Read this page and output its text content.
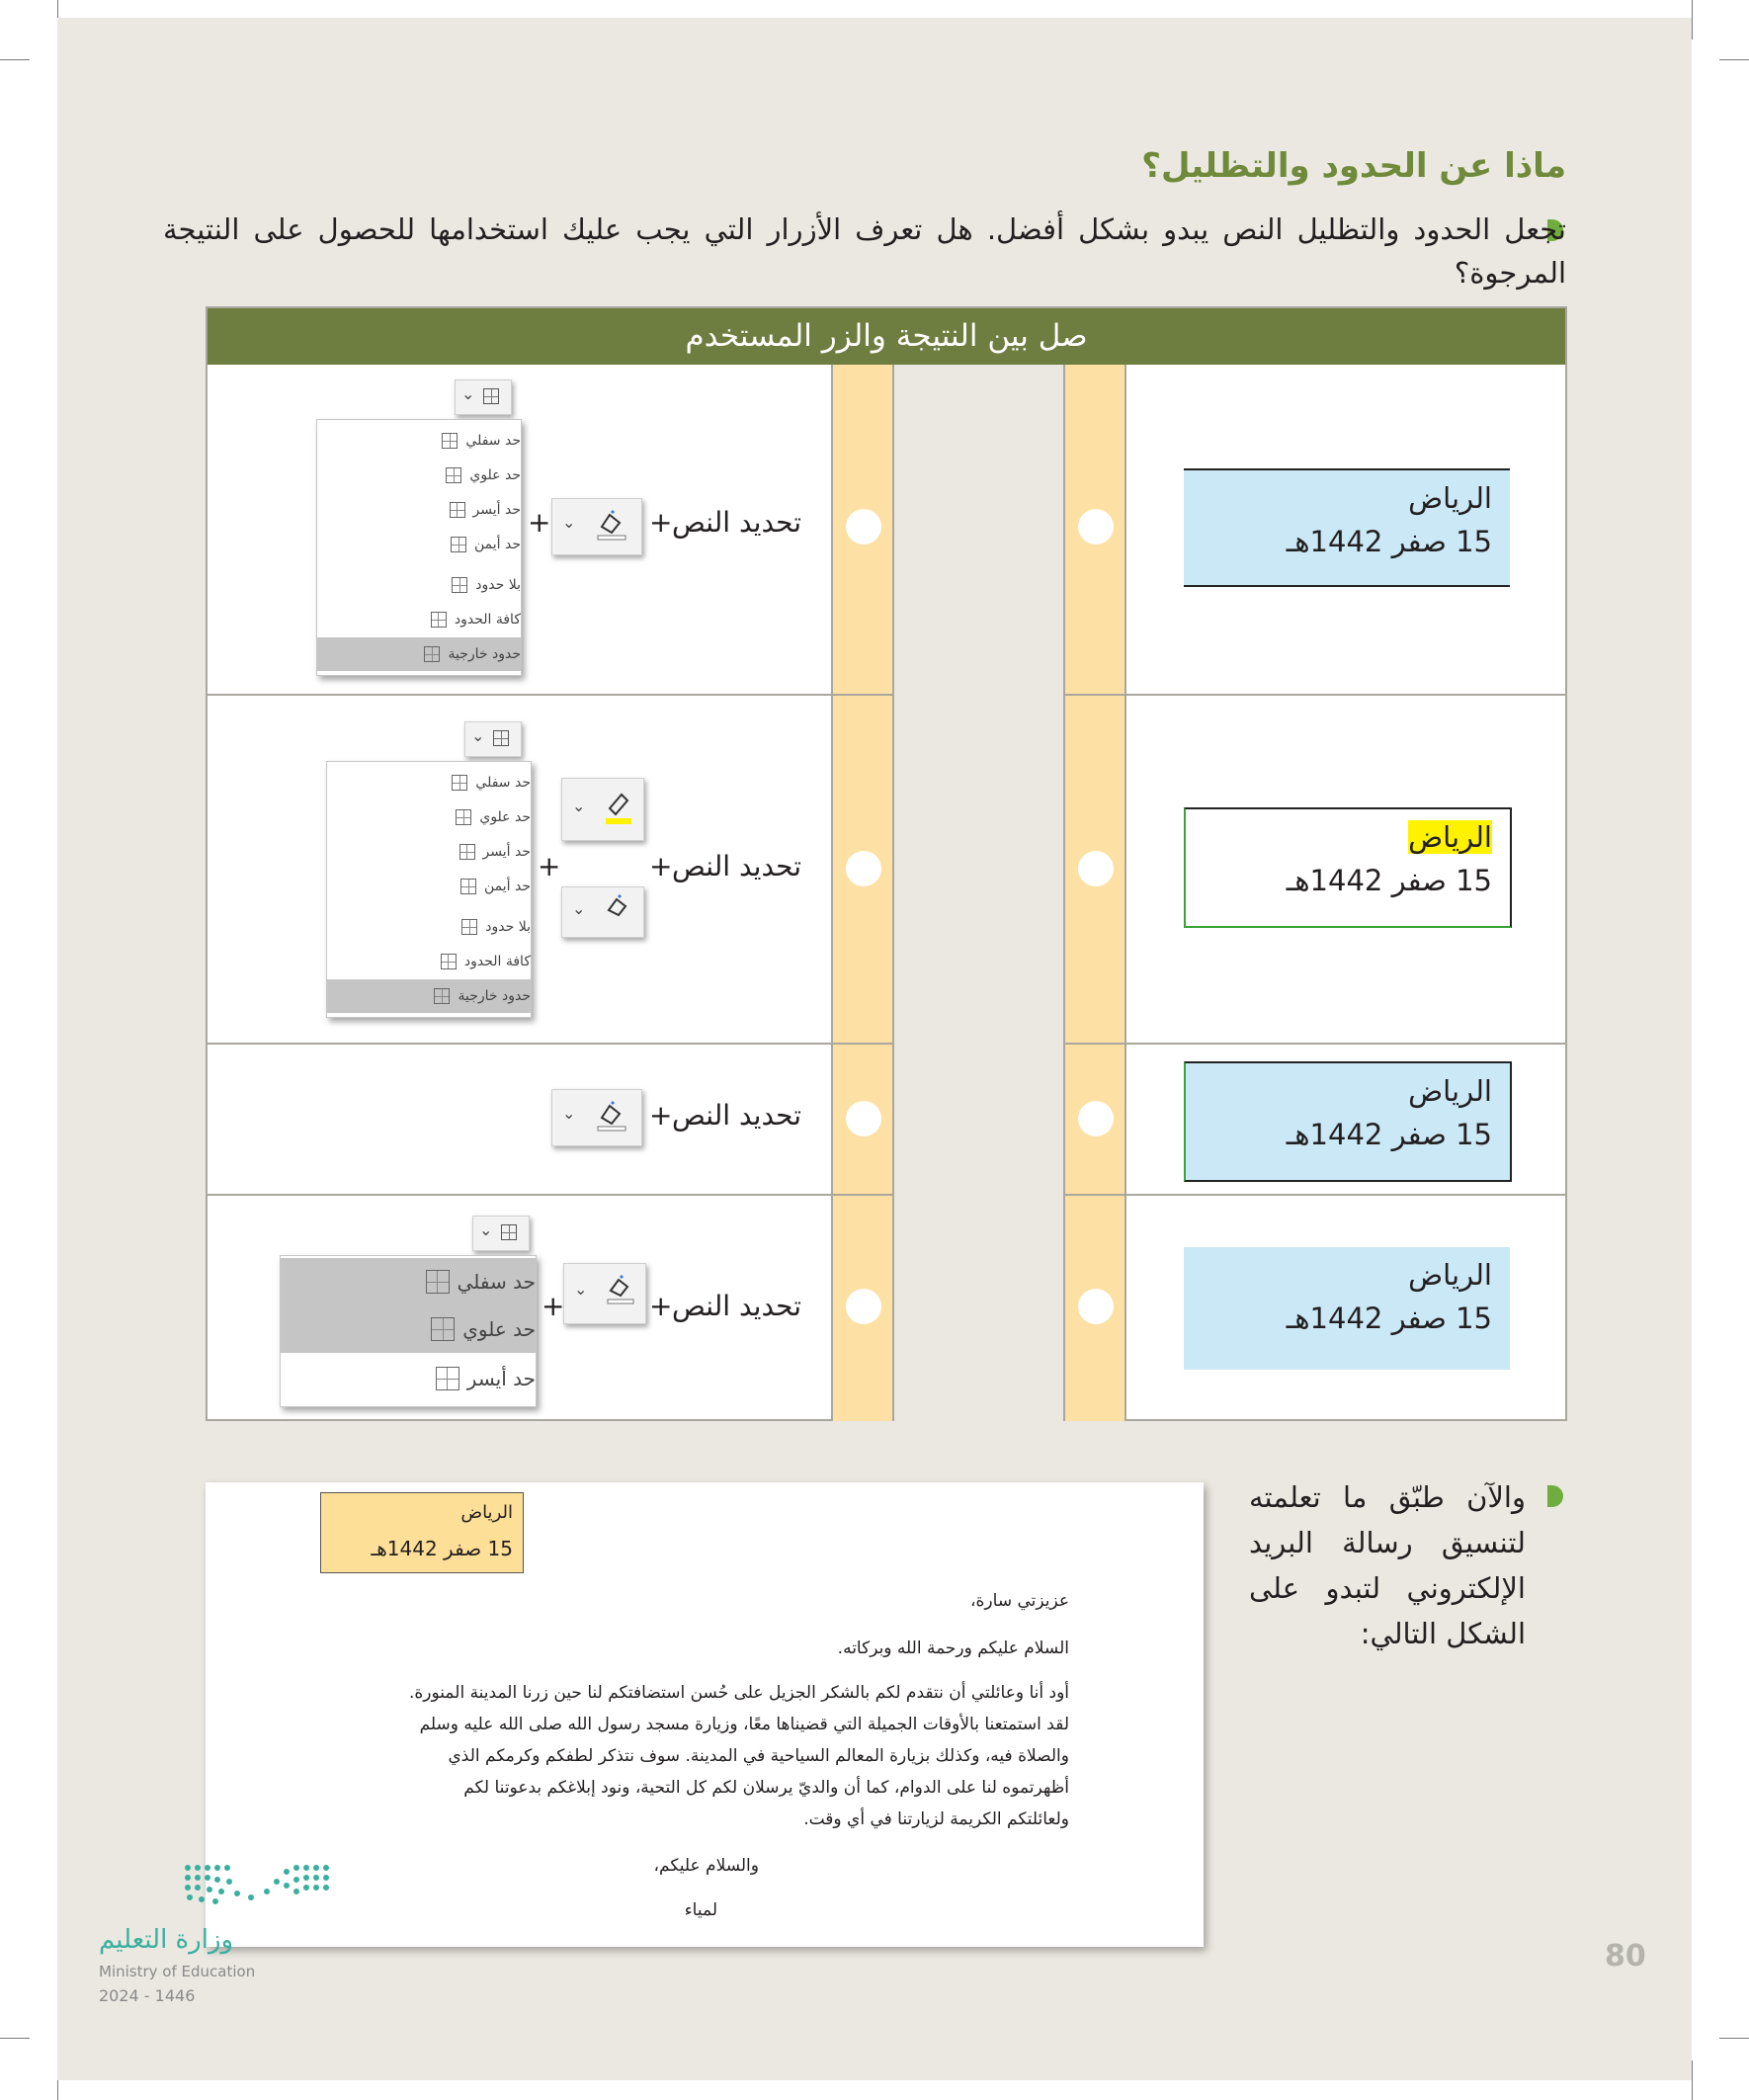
ماذا عن الحدود والتظليل؟
تجعل الحدود والتظليل النص يبدو بشكل أفضل. هل تعرف الأزرار التي يجب عليك استخدامها للحصول على النتيجة المرجوة؟
صل بين النتيجة والزر المستخدم

الرياض

15 صفر 1442هـ

الرياض

15 صفر 1442هـ

الرياض

15 صفر 1442هـ

الرياض

15 صفر 1442هـ

تحديد النص
+
⌄
+
⌄
حد سفلي
حد علوي
حد أيسر
حد أيمن
بلا حدود
كافة الحدود
حدود خارجية
تحديد النص
+
⌄
⌄
+
⌄
حد سفلي
حد علوي
حد أيسر
حد أيمن
بلا حدود
كافة الحدود
حدود خارجية
تحديد النص
+
⌄
تحديد النص
+
⌄
+
⌄
حد سفلي
حد علوي
حد أيسر
والآن طبّق ما تعلمته لتنسيق رسالة البريد الإلكتروني لتبدو على الشكل التالي:

الرياض

15 صفر 1442هـ

عزيزتي سارة،
السلام عليكم ورحمة الله وبركاته.
أود أنا وعائلتي أن نتقدم لكم بالشكر الجزيل على حُسن استضافتكم لنا حين زرنا المدينة المنورة.
لقد استمتعنا بالأوقات الجميلة التي قضيناها معًا، وزيارة مسجد رسول الله صلى الله عليه وسلم
والصلاة فيه، وكذلك بزيارة المعالم السياحية في المدينة. سوف نتذكر لطفكم وكرمكم الذي
أظهرتموه لنا على الدوام، كما أن والديّ يرسلان لكم كل التحية، ونود إبلاغكم بدعوتنا لكم
ولعائلتكم الكريمة لزيارتنا في أي وقت.
والسلام عليكم،
لمياء
وزارة التعليم
Ministry of Education
2024 - 1446
80
